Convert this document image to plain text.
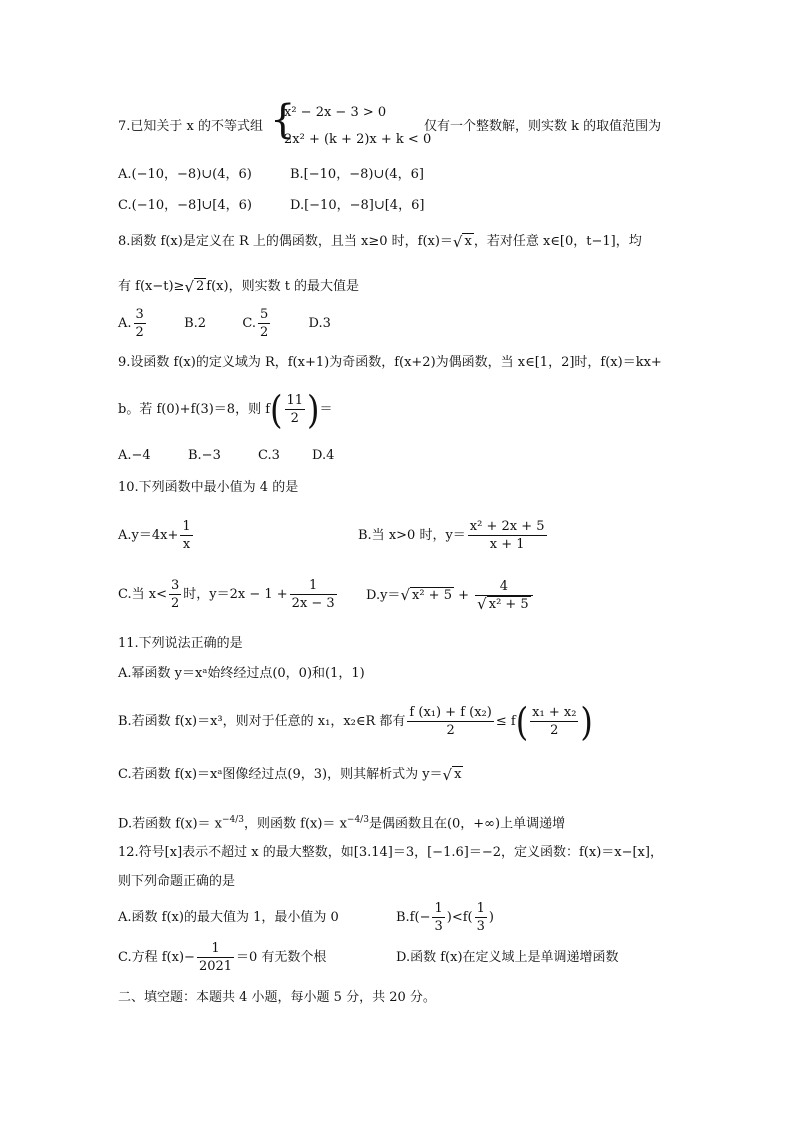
7.已知关于 x 的不等式组 {
x² − 2x − 3 > 0
2x² + (k + 2)x + k < 0
仅有一个整数解，则实数 k 的取值范围为
A.(−10，−8)∪(4，6)	B.[−10，−8)∪(4，6]
C.(−10，−8]∪[4，6)	D.[−10，−8]∪[4，6]
8.函数 f(x)是定义在 R 上的偶函数，且当 x≥0 时，f(x)＝√ x ，若对任意 x∈[0，t−1]，均
有 f(x−t)≥√ 2 f(x)，则实数 t 的最大值是
A. $\frac{3}{2}$	B.2	C. $\frac{5}{2}$	D.3
9.设函数 f(x)的定义域为 R，f(x+1)为奇函数，f(x+2)为偶函数，当 x∈[1，2]时，f(x)＝kx+
b。若 f(0)+f(3)＝8，则 $f( \frac{11}{2}$ )＝
A.−4	B.−3	C.3 D.4
10.下列函数中最小值为 4 的是
$A.y=4x+ \frac{1}{x}$	B.当 x>0 时，$y= \frac{\text{x² + 2x + 5}}{x + 1}$
C.当 $x< \frac{3}{2}$ 时，$y=2x - 1 + \frac{1}{2x - 3} D.y=√$ $x^2 + 5 + \frac{4}{\text{√ x² + 5}}$
11.下列说法正确的是
A.幂函数 y＝xᵃ始终经过点(0，0)和(1，1)
B.若函数 f(x)＝x³，则对于任意的 x₁，x₂∈R 都有 $\frac{\text{f (x₁) + f (x₂)}}{2} \le f( \frac{\text{x₁ + x₂}}{2}$ )
C.若函数 f(x)＝xᵃ图像经过点(9，3)，则其解析式为 y＝√ x
D.若函数 $f(x)= x^{-4/3}$，则函数 $f(x)= x^{-4/3}$是偶函数且在(0，+∞)上单调递增
12.符号[x]表示不超过 x 的最大整数，如[3.14]＝3，[−1.6]＝−2，定义函数：f(x)＝x−[x]，
则下列命题正确的是
A.函数 f(x)的最大值为 1，最小值为 0	$B.f(- \frac{1}{3} )<f( \frac{1}{3}$ )
C.方程 $f(x)- \frac{1}{2021} =0$ 有无数个根	D.函数 f(x)在定义域上是单调递增函数
二、填空题：本题共 4 小题，每小题 5 分，共 20 分。
